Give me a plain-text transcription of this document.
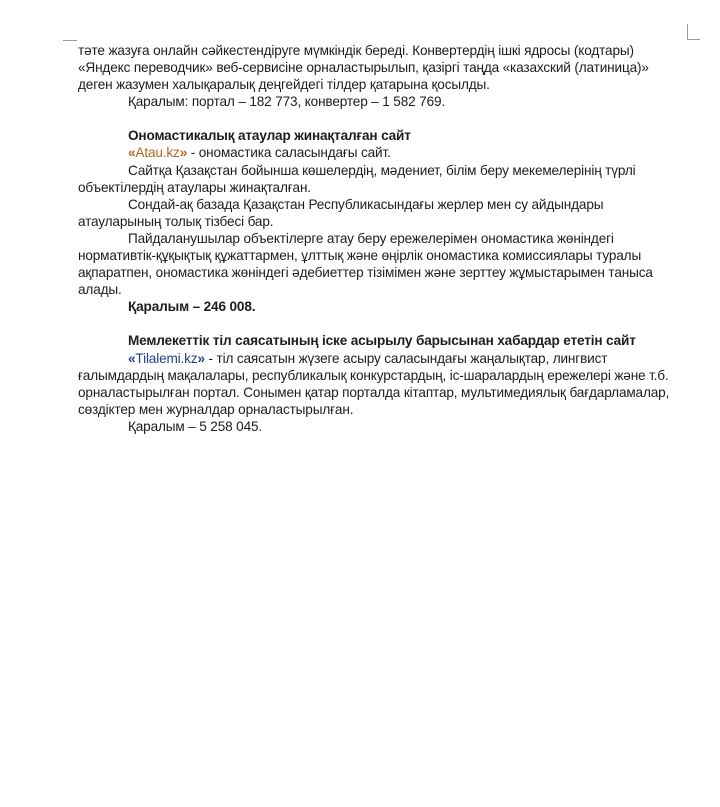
тəте жазуға онлайн сəйкестендіруге мүмкіндік береді. Конвертердің ішкі ядросы (кодтары) «Яндекс переводчик» веб-сервисіне орналастырылып, қазіргі таңда «казахский (латиница)» деген жазумен халықаралық деңгейдегі тілдер қатарына қосылды.

Қаралым: портал – 182 773, конвертер – 1 582 769.

Ономастикалық атаулар жинақталған сайт

«Atau.kz» - ономастика саласындағы сайт.

Сайтқа Қазақстан бойынша көшелердің, мəдениет, білім беру мекемелерінің түрлі объектілердің атаулары жинақталған.

Сондай-ақ базада Қазақстан Республикасындағы жерлер мен су айдындары атауларының толық тізбесі бар.

Пайдаланушылар объектілерге атау беру ережелерімен ономастика жөніндегі нормативтік-құқықтық құжаттармен, ұлттық жəне өңірлік ономастика комиссиялары туралы ақпаратпен, ономастика жөніндегі əдебиеттер тізімімен жəне зерттеу жұмыстарымен таныса алады.

Қаралым – 246 008.

Мемлекеттік тіл саясатының іске асырылу барысынан хабардар ететін сайт

«Tilalemi.kz» - тіл саясатын жүзеге асыру саласындағы жаңалықтар, лингвист ғалымдардың мақалалары, республикалық конкурстардың, іс-шаралардың ережелері жəне т.б. орналастырылған портал. Сонымен қатар порталда кітаптар, мультимедиялық бағдарламалар, сөздіктер мен журналдар орналастырылған.

Қаралым – 5 258 045.
